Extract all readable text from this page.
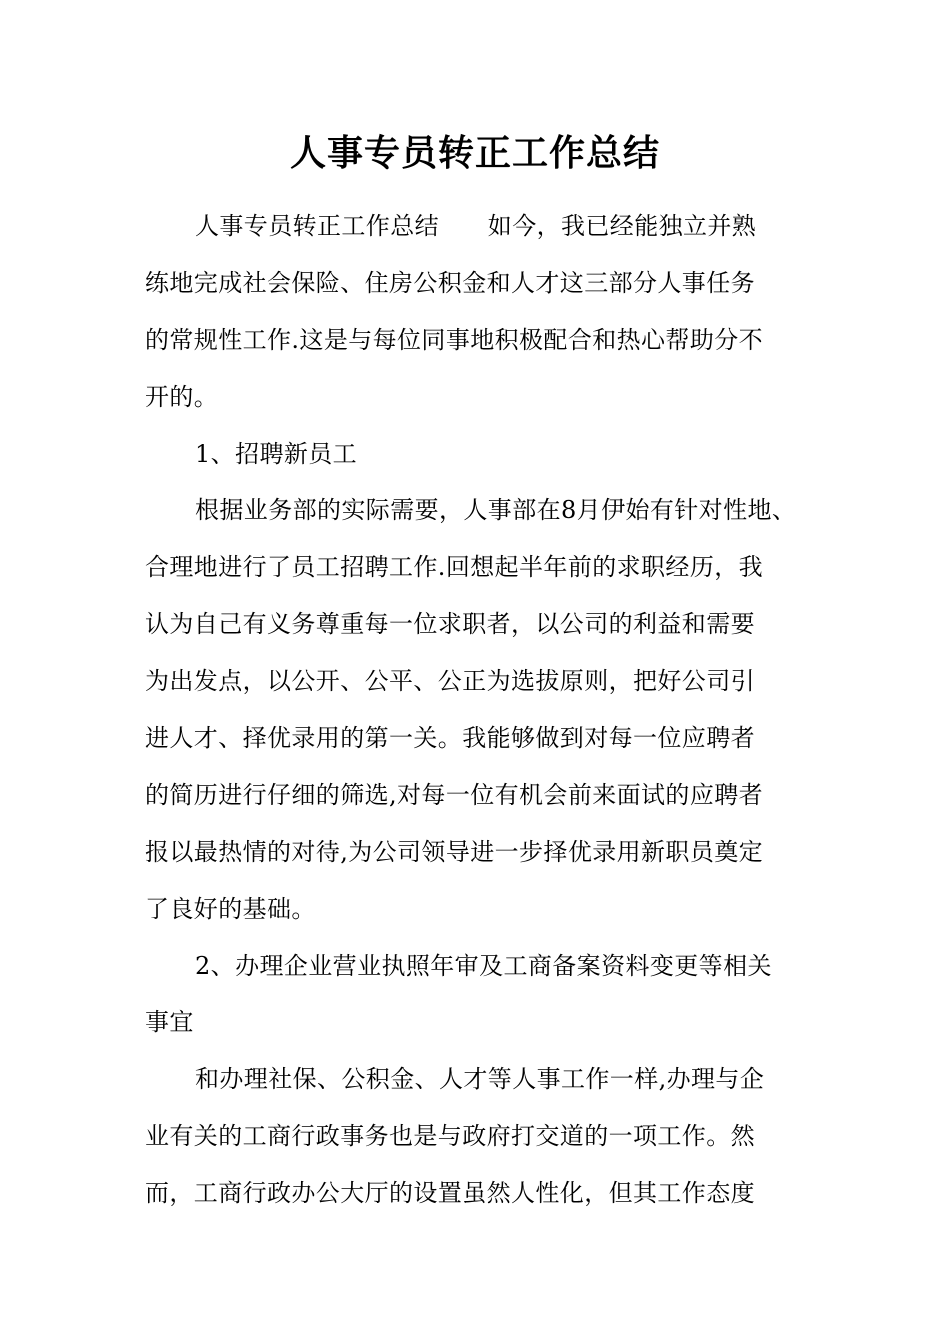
人事专员转正工作总结
人事专员转正工作总结　　如今，我已经能独立并熟
练地完成社会保险、住房公积金和人才这三部分人事任务
的常规性工作.这是与每位同事地积极配合和热心帮助分不
开的。
1、招聘新员工
根据业务部的实际需要，人事部在8月伊始有针对性地、
合理地进行了员工招聘工作.回想起半年前的求职经历，我
认为自己有义务尊重每一位求职者，以公司的利益和需要
为出发点，以公开、公平、公正为选拔原则，把好公司引
进人才、择优录用的第一关。我能够做到对每一位应聘者
的简历进行仔细的筛选,对每一位有机会前来面试的应聘者
报以最热情的对待,为公司领导进一步择优录用新职员奠定
了良好的基础。
2、办理企业营业执照年审及工商备案资料变更等相关
事宜
和办理社保、公积金、人才等人事工作一样,办理与企
业有关的工商行政事务也是与政府打交道的一项工作。然
而，工商行政办公大厅的设置虽然人性化，但其工作态度
